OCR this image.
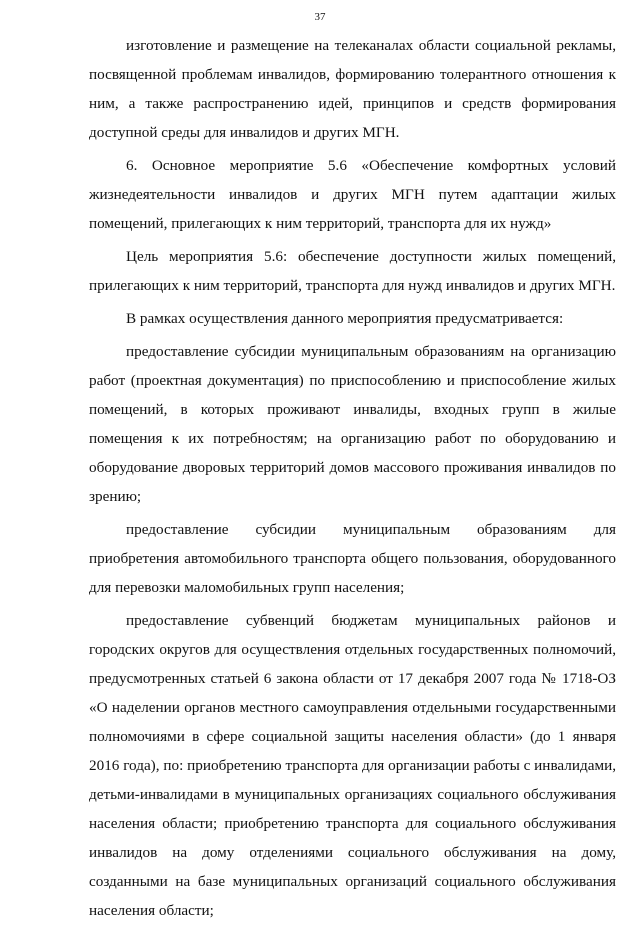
37

изготовление и размещение на телеканалах области социальной рекламы, посвященной проблемам инвалидов, формированию толерантного отношения к ним, а также распространению идей, принципов и средств формирования доступной среды для инвалидов и других МГН.

6. Основное мероприятие 5.6 «Обеспечение комфортных условий жизнедеятельности инвалидов и других МГН путем адаптации жилых помещений, прилегающих к ним территорий, транспорта для их нужд»

Цель мероприятия 5.6: обеспечение доступности жилых помещений, прилегающих к ним территорий, транспорта для нужд инвалидов и других МГН.

В рамках осуществления данного мероприятия предусматривается:

предоставление субсидии муниципальным образованиям на организацию работ (проектная документация) по приспособлению и приспособление жилых помещений, в которых проживают инвалиды, входных групп в жилые помещения к их потребностям; на организацию работ по оборудованию и оборудование дворовых территорий домов массового проживания инвалидов по зрению;

предоставление субсидии муниципальным образованиям для приобретения автомобильного транспорта общего пользования, оборудованного для перевозки маломобильных групп населения;

предоставление субвенций бюджетам муниципальных районов и городских округов для осуществления отдельных государственных полномочий, предусмотренных статьей 6 закона области от 17 декабря 2007 года № 1718-ОЗ «О наделении органов местного самоуправления отдельными государственными полномочиями в сфере социальной защиты населения области» (до 1 января 2016 года), по: приобретению транспорта для организации работы с инвалидами, детьми-инвалидами в муниципальных организациях социального обслуживания населения области; приобретению транспорта для социального обслуживания инвалидов на дому отделениями социального обслуживания на дому, созданными на базе муниципальных организаций социального обслуживания населения области;
